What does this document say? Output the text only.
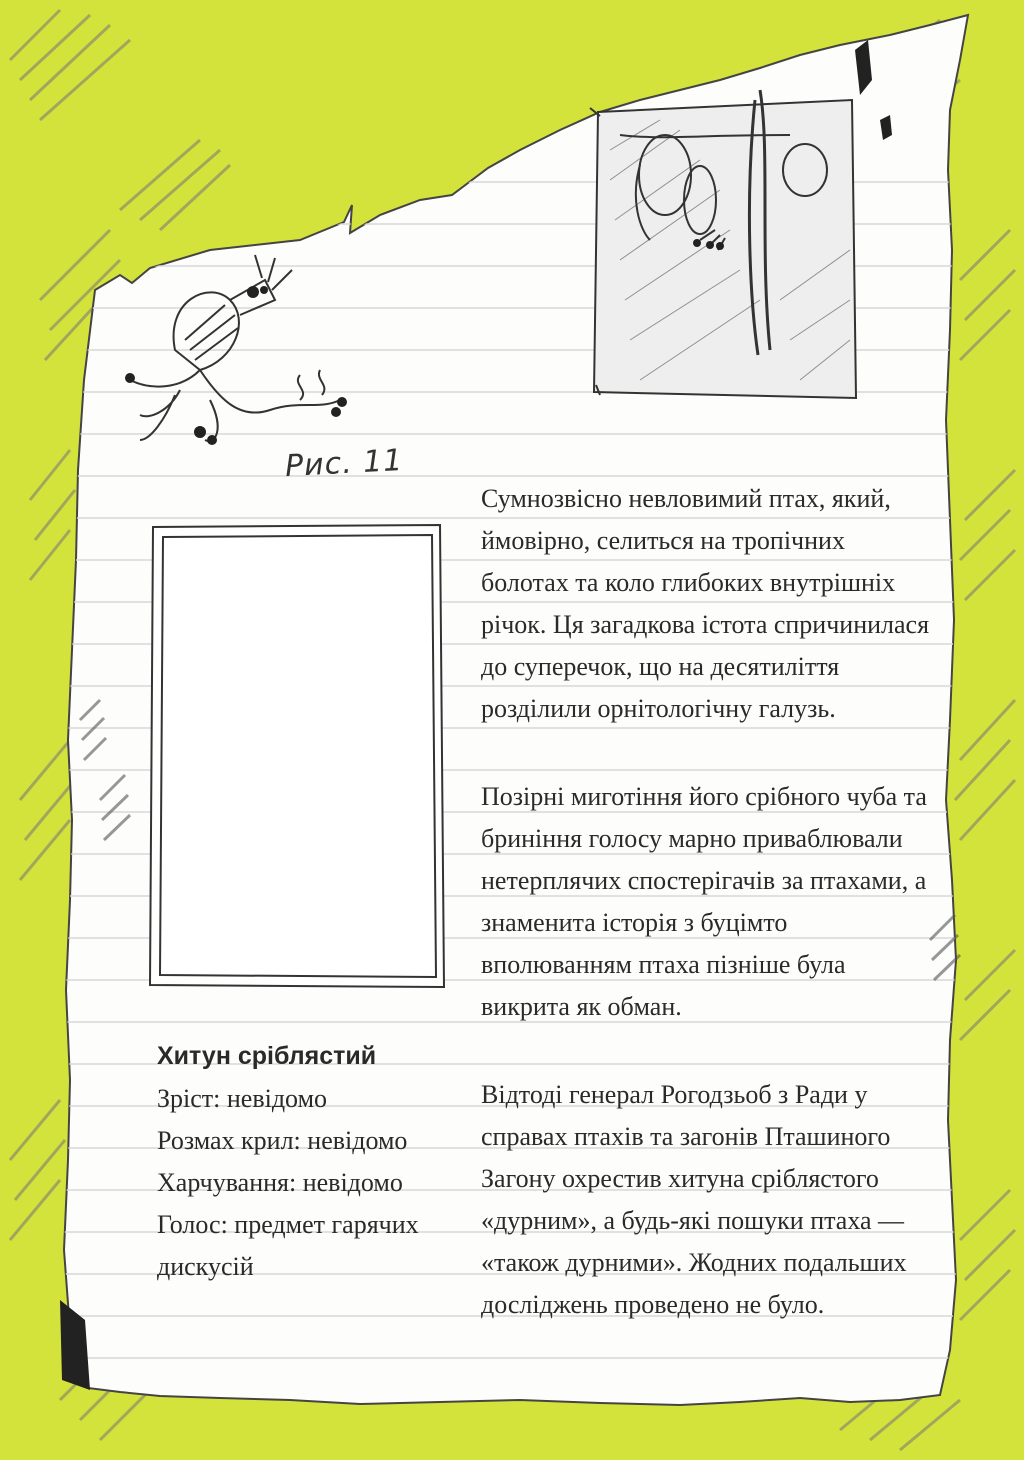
Рис. 11

Сумнозвісно невловимий птах, який, ймовірно, селиться на тропічних болотах та коло глибоких внутрішніх річок. Ця загадкова істота спричинилася до суперечок, що на десятиліття розділили орнітологічну галузь.

Позірні миготіння його срібного чуба та бриніння голосу марно приваблювали нетерплячих спостерігачів за птахами, а знаменита історія з буцімто вполюванням птаха пізніше була викрита як обман.

Відтоді генерал Рогодзьоб з Ради у справах птахів та загонів Пташиного Загону охрестив хитуна сріблястого «дурним», а будь-які пошуки птаха — «також дурними». Жодних подальших досліджень проведено не було.

Хитун сріблястий
Зріст: невідомо
Розмах крил: невідомо
Харчування: невідомо
Голос: предмет гарячих дискусій
